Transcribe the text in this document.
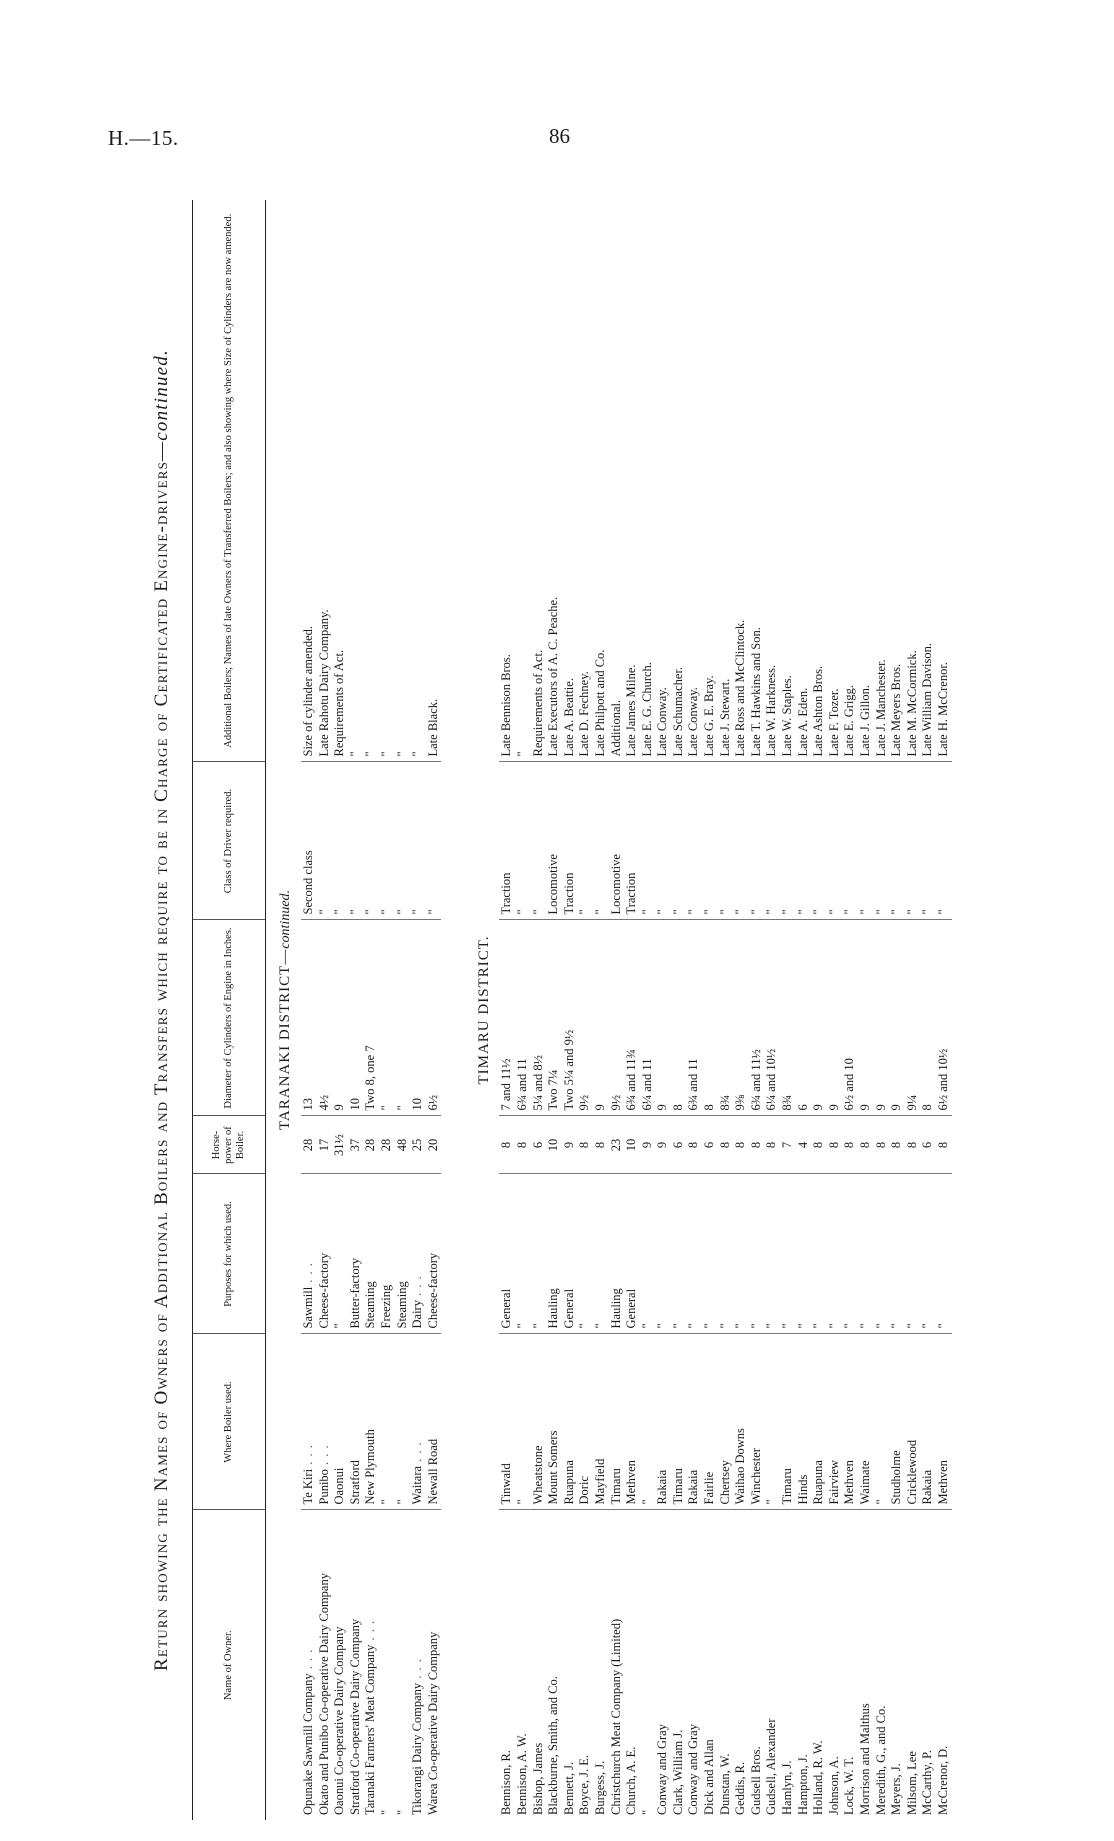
H.—15.	86
Return showing the Names of Owners of Additional Boilers and Transfers which require to be in Charge of Certificated Engine-drivers—continued.
Name of Owner.	Where Boiler used.	Purposes for which used.	Horse-power of Boiler.	Diameter of Cylinders of Engine in Inches.	Class of Driver required.	Additional Boilers; Names of late Owners of Transferred Boilers; and also showing where Size of Cylinders are now amended.
TARANAKI DISTRICT—continued.						
Opunake Sawmill Company . . .	Te Kiri . . .	Sawmill . . .	28	13	Second class	Size of cylinder amended.
Okato and Punibo Co-operative Dairy Company	Punibo . . .	Cheese-factory	17	4½	"	Late Rahotu Dairy Company.
Oaonui Co-operative Dairy Company	Oaonui	"	31½	9	"	Requirements of Act.
Stratford Co-operative Dairy Company	Stratford	Butter-factory	37	10	"	"
Taranaki Farmers' Meat Company . . .	New Plymouth	Steaming	28	Two 8, one 7	"	"
"	"	Freezing	28	"	"	"
"	"	Steaming	48	"	"	"
Tikorangi Dairy Company . . .	Waitara . . .	Dairy . . .	25	10	"	"
Warea Co-operative Dairy Company	Newall Road	Cheese-factory	20	6½	"	Late Black.

TIMARU DISTRICT.						
Bennison, R.	Tinwald	General	8	7 and 11½	Traction	Late Bennison Bros.
Bennison, A. W.	"	"	8	6¾ and 11	"	"
Bishop, James	Wheatstone	"	6	5¼ and 8½	"	Requirements of Act.
Blackburne, Smith, and Co.	Mount Somers	Hauling	10	Two 7¼	Locomotive	Late Executors of A. C. Peache.
Bennett, J.	Ruapuna	General	9	Two 5¼ and 9½	Traction	Late A. Beattie.
Boyce, J. E.	Doric	"	8	9½	"	Late D. Fechney.
Burgess, J.	Mayfield	"	8	9	"	Late Philpott and Co.
Christchurch Meat Company (Limited)	Timaru	Hauling	23	9½	Locomotive	Additional.
Church, A. E.	Methven	General	10	6¾ and 11¾	Traction	Late James Milne.
"	"	"	9	6¼ and 11	"	Late E. G. Church.
Conway and Gray	Rakaia	"	9	9	"	Late Conway.
Clark, William J.	Timaru	"	6	8	"	Late Schumacher.
Conway and Gray	Rakaia	"	8	6¾ and 11	"	Late Conway.
Dick and Allan	Fairlie	"	6	8	"	Late G. E. Bray.
Dunstan, W.	Chertsey	"	8	8¾	"	Late J. Stewart.
Geddis, R.	Waihao Downs	"	8	9⅜	"	Late Ross and McClintock.
Gudsell Bros.	Winchester	"	8	6¾ and 11½	"	Late T. Hawkins and Son.
Gudsell, Alexander	"	"	8	6¼ and 10½	"	Late W. Harkness.
Hamlyn, J.	Timaru	"	7	8¾	"	Late W. Staples.
Hampton, J.	Hinds	"	4	6	"	Late A. Eden.
Holland, R. W.	Ruapuna	"	8	9	"	Late Ashton Bros.
Johnson, A.	Fairview	"	8	9	"	Late F. Tozer.
Lock, W. T.	Methven	"	8	6½ and 10	"	Late E. Grigg.
Morrison and Malthus	Waimate	"	8	9	"	Late J. Gillon.
Meredith, G., and Co.	"	"	8	9	"	Late J. Manchester.
Meyers, J.	Studholme	"	8	9	"	Late Meyers Bros.
Milsom, Lee	Cricklewood	"	8	9¼	"	Late M. McCormick.
McCarthy, P.	Rakaia	"	6	8	"	Late William Davison.
McCrenor, D.	Methven	"	8	6½ and 10½	"	Late H. McCrenor.
